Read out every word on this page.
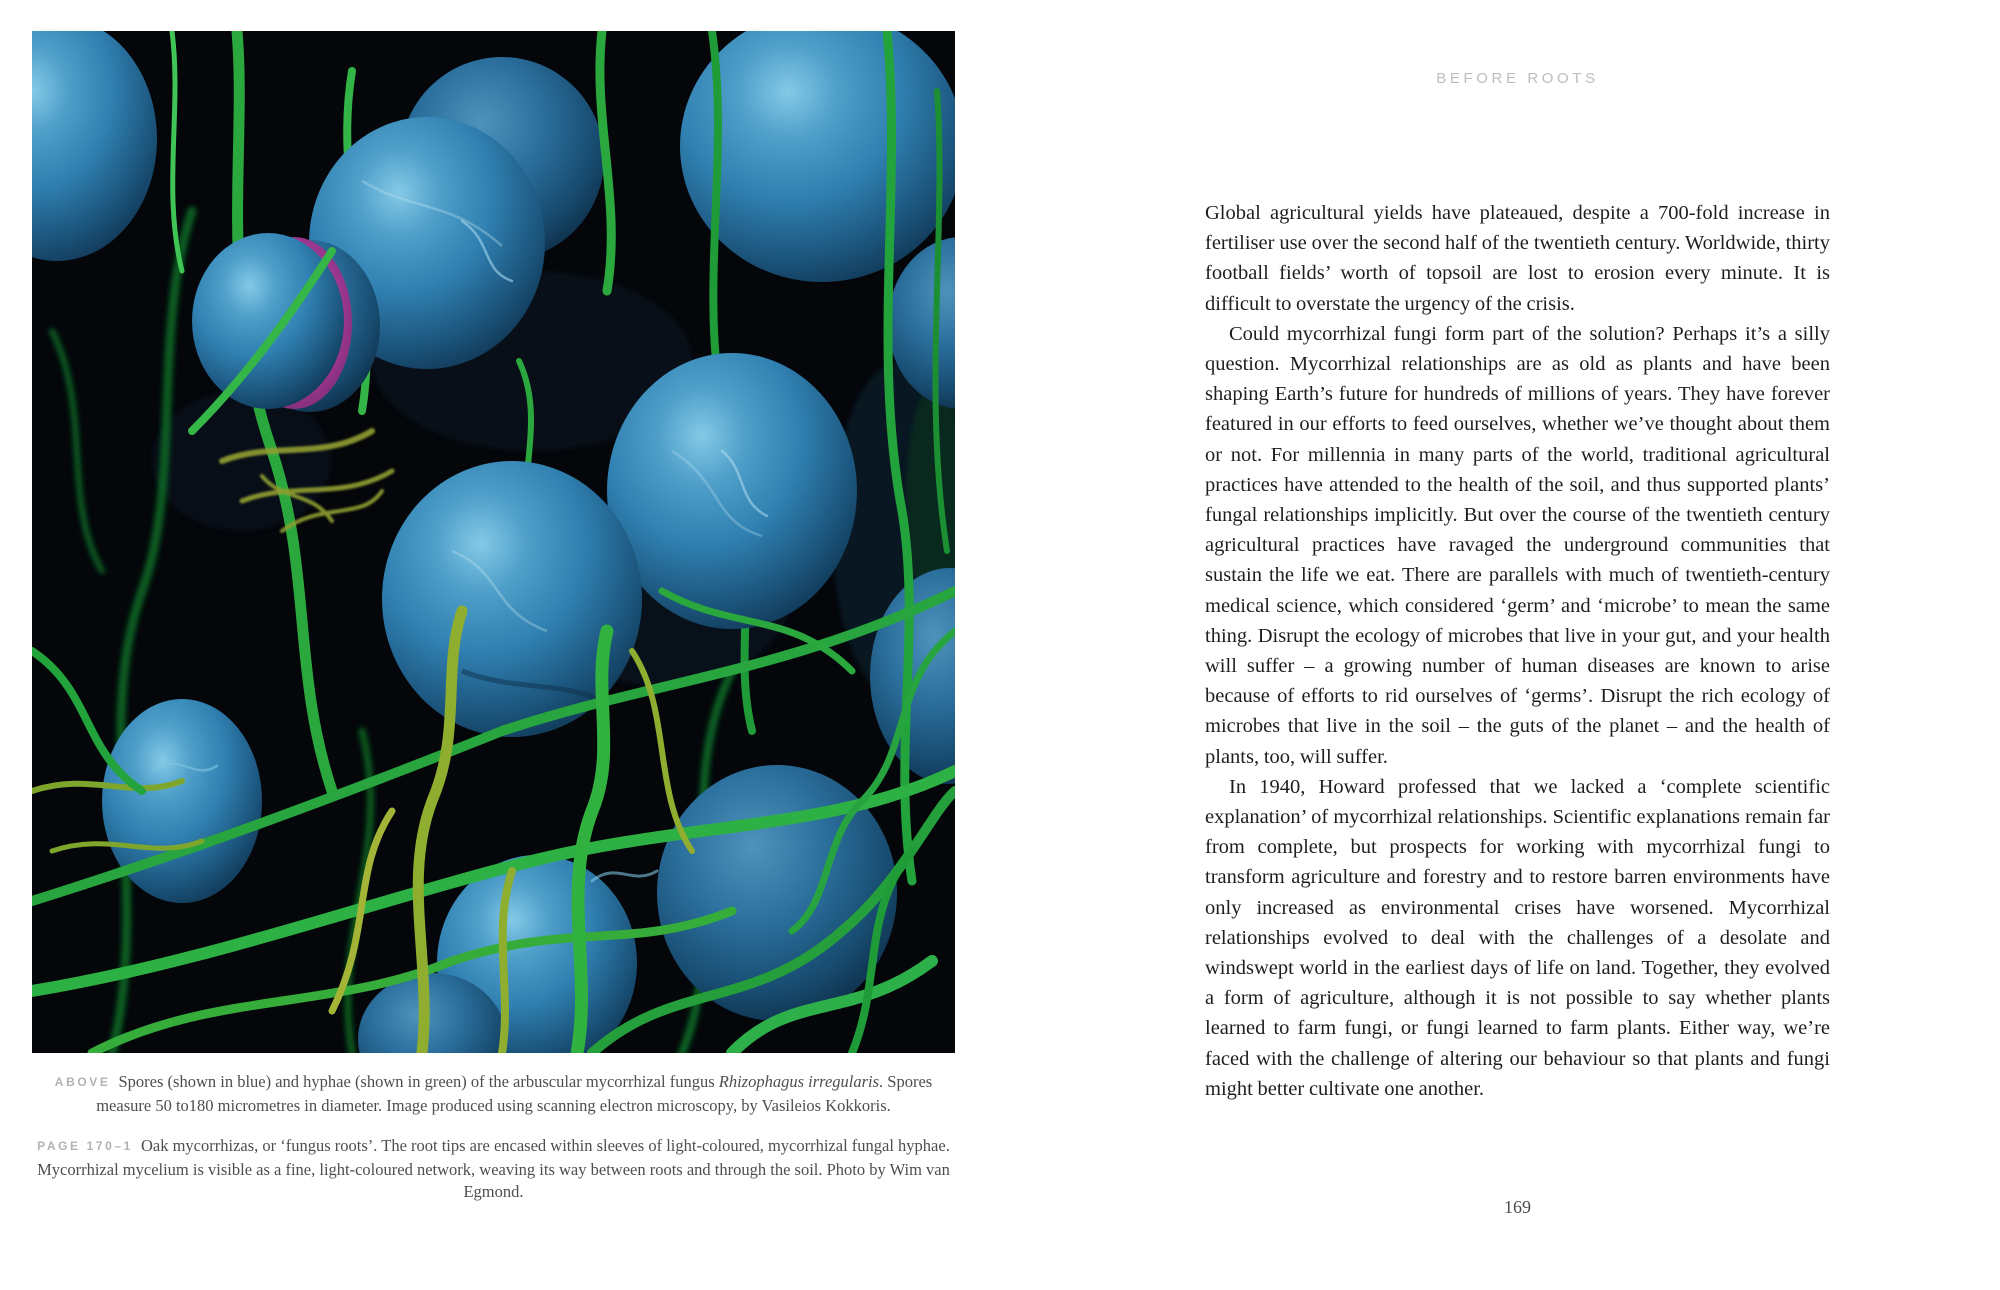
ABOVE Spores (shown in blue) and hyphae (shown in green) of the arbuscular mycorrhizal fungus Rhizophagus irregularis. Spores measure 50 to180 micrometres in diameter. Image produced using scanning electron microscopy, by Vasileios Kokkoris.
PAGE 170–1 Oak mycorrhizas, or ‘fungus roots’. The root tips are encased within sleeves of light-coloured, mycorrhizal fungal hyphae. Mycorrhizal mycelium is visible as a fine, light-coloured network, weaving its way between roots and through the soil. Photo by Wim van Egmond.
BEFORE ROOTS

Global agricultural yields have plateaued, despite a 700-fold increase in fertiliser use over the second half of the twentieth century. Worldwide, thirty football fields’ worth of topsoil are lost to erosion every minute. It is difficult to overstate the urgency of the crisis.

Could mycorrhizal fungi form part of the solution? Perhaps it’s a silly question. Mycorrhizal relationships are as old as plants and have been shaping Earth’s future for hundreds of millions of years. They have forever featured in our efforts to feed ourselves, whether we’ve thought about them or not. For millennia in many parts of the world, traditional agricultural practices have attended to the health of the soil, and thus supported plants’ fungal relationships implicitly. But over the course of the twentieth century agricultural practices have ravaged the underground communities that sustain the life we eat. There are parallels with much of twentieth-century medical science, which considered ‘germ’ and ‘microbe’ to mean the same thing. Disrupt the ecology of microbes that live in your gut, and your health will suffer – a growing number of human diseases are known to arise because of efforts to rid ourselves of ‘germs’. Disrupt the rich ecology of microbes that live in the soil – the guts of the planet – and the health of plants, too, will suffer.

In 1940, Howard professed that we lacked a ‘complete scientific explanation’ of mycorrhizal relationships. Scientific explanations remain far from complete, but prospects for working with mycorrhizal fungi to transform agriculture and forestry and to restore barren environments have only increased as environmental crises have worsened. Mycorrhizal relationships evolved to deal with the challenges of a desolate and windswept world in the earliest days of life on land. Together, they evolved a form of agriculture, although it is not possible to say whether plants learned to farm fungi, or fungi learned to farm plants. Either way, we’re faced with the challenge of altering our behaviour so that plants and fungi might better cultivate one another.

169
